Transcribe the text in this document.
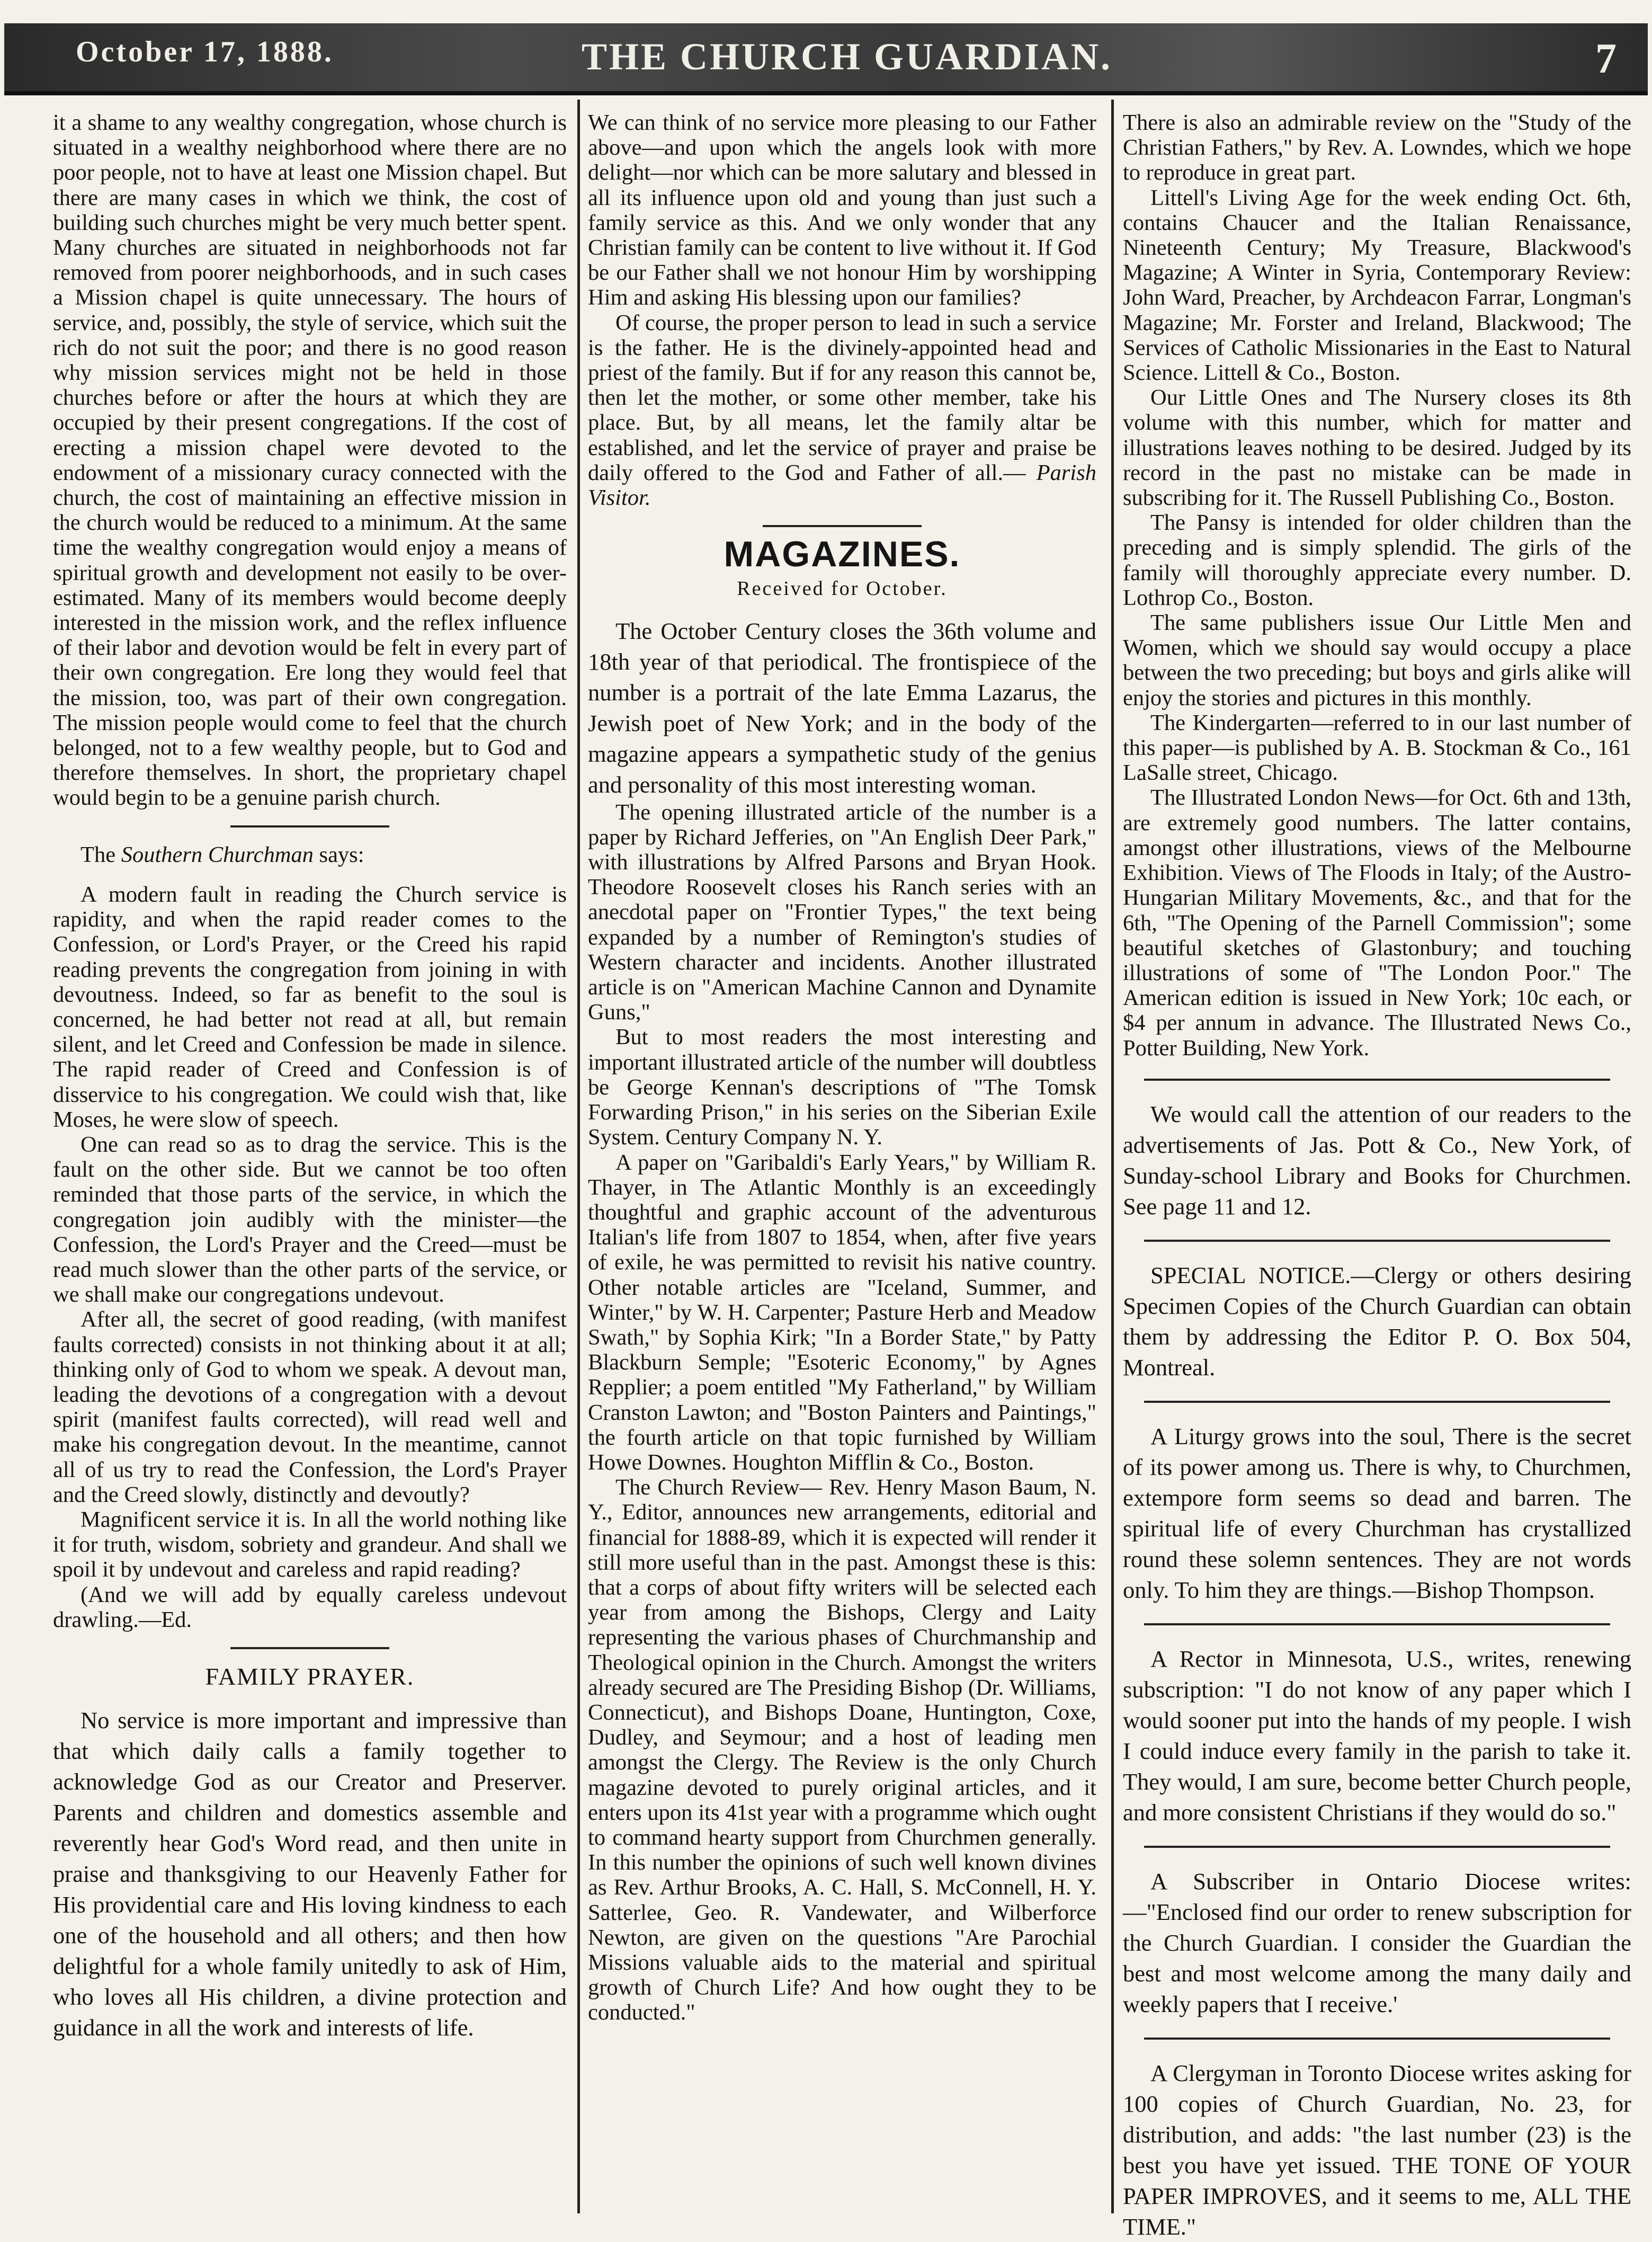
October 17, 1888.	THE CHURCH GUARDIAN.	7

it a shame to any wealthy congregation, whose church is situated in a wealthy neighborhood where there are no poor people, not to have at least one Mission chapel. But there are many cases in which we think, the cost of building such churches might be very much better spent. Many churches are situated in neighborhoods not far removed from poorer neighborhoods, and in such cases a Mission chapel is quite unnecessary. The hours of service, and, possibly, the style of service, which suit the rich do not suit the poor; and there is no good reason why mission services might not be held in those churches before or after the hours at which they are occupied by their present congregations. If the cost of erecting a mission chapel were devoted to the endowment of a missionary curacy connected with the church, the cost of maintaining an effective mission in the church would be reduced to a minimum. At the same time the wealthy congregation would enjoy a means of spiritual growth and development not easily to be over-estimated. Many of its members would become deeply interested in the mission work, and the reflex influence of their labor and devotion would be felt in every part of their own congregation. Ere long they would feel that the mission, too, was part of their own congregation. The mission people would come to feel that the church belonged, not to a few wealthy people, but to God and therefore themselves. In short, the proprietary chapel would begin to be a genuine parish church.

The Southern Churchman says:

A modern fault in reading the Church service is rapidity, and when the rapid reader comes to the Confession, or Lord's Prayer, or the Creed his rapid reading prevents the congregation from joining in with devoutness. Indeed, so far as benefit to the soul is concerned, he had better not read at all, but remain silent, and let Creed and Confession be made in silence. The rapid reader of Creed and Confession is of disservice to his congregation. We could wish that, like Moses, he were slow of speech.

One can read so as to drag the service. This is the fault on the other side. But we cannot be too often reminded that those parts of the service, in which the congregation join audibly with the minister—the Confession, the Lord's Prayer and the Creed—must be read much slower than the other parts of the service, or we shall make our congregations undevout.

After all, the secret of good reading, (with manifest faults corrected) consists in not thinking about it at all; thinking only of God to whom we speak. A devout man, leading the devotions of a congregation with a devout spirit (manifest faults corrected), will read well and make his congregation devout. In the meantime, cannot all of us try to read the Confession, the Lord's Prayer and the Creed slowly, distinctly and devoutly?

Magnificent service it is. In all the world nothing like it for truth, wisdom, sobriety and grandeur. And shall we spoil it by undevout and careless and rapid reading?

(And we will add by equally careless undevout drawling.—Ed.

FAMILY PRAYER.

No service is more important and impressive than that which daily calls a family together to acknowledge God as our Creator and Preserver. Parents and children and domestics assemble and reverently hear God's Word read, and then unite in praise and thanksgiving to our Heavenly Father for His providential care and His loving kindness to each one of the household and all others; and then how delightful for a whole family unitedly to ask of Him, who loves all His children, a divine protection and guidance in all the work and interests of life.

We can think of no service more pleasing to our Father above—and upon which the angels look with more delight—nor which can be more salutary and blessed in all its influence upon old and young than just such a family service as this. And we only wonder that any Christian family can be content to live without it. If God be our Father shall we not honour Him by worshipping Him and asking His blessing upon our families?

Of course, the proper person to lead in such a service is the father. He is the divinely-appointed head and priest of the family. But if for any reason this cannot be, then let the mother, or some other member, take his place. But, by all means, let the family altar be established, and let the service of prayer and praise be daily offered to the God and Father of all.— Parish Visitor.

MAGAZINES.
Received for October.

The October Century closes the 36th volume and 18th year of that periodical. The frontispiece of the number is a portrait of the late Emma Lazarus, the Jewish poet of New York; and in the body of the magazine appears a sympathetic study of the genius and personality of this most interesting woman.

The opening illustrated article of the number is a paper by Richard Jefferies, on "An English Deer Park," with illustrations by Alfred Parsons and Bryan Hook. Theodore Roosevelt closes his Ranch series with an anecdotal paper on "Frontier Types," the text being expanded by a number of Remington's studies of Western character and incidents. Another illustrated article is on "American Machine Cannon and Dynamite Guns,"

But to most readers the most interesting and important illustrated article of the number will doubtless be George Kennan's descriptions of "The Tomsk Forwarding Prison," in his series on the Siberian Exile System. Century Company N. Y.

A paper on "Garibaldi's Early Years," by William R. Thayer, in The Atlantic Monthly is an exceedingly thoughtful and graphic account of the adventurous Italian's life from 1807 to 1854, when, after five years of exile, he was permitted to revisit his native country. Other notable articles are "Iceland, Summer, and Winter," by W. H. Carpenter; Pasture Herb and Meadow Swath," by Sophia Kirk; "In a Border State," by Patty Blackburn Semple; "Esoteric Economy," by Agnes Repplier; a poem entitled "My Fatherland," by William Cranston Lawton; and "Boston Painters and Paintings," the fourth article on that topic furnished by William Howe Downes. Houghton Mifflin & Co., Boston.

The Church Review— Rev. Henry Mason Baum, N. Y., Editor, announces new arrangements, editorial and financial for 1888-89, which it is expected will render it still more useful than in the past. Amongst these is this: that a corps of about fifty writers will be selected each year from among the Bishops, Clergy and Laity representing the various phases of Churchmanship and Theological opinion in the Church. Amongst the writers already secured are The Presiding Bishop (Dr. Williams, Connecticut), and Bishops Doane, Huntington, Coxe, Dudley, and Seymour; and a host of leading men amongst the Clergy. The Review is the only Church magazine devoted to purely original articles, and it enters upon its 41st year with a programme which ought to command hearty support from Churchmen generally. In this number the opinions of such well known divines as Rev. Arthur Brooks, A. C. Hall, S. McConnell, H. Y. Satterlee, Geo. R. Vandewater, and Wilberforce Newton, are given on the questions "Are Parochial Missions valuable aids to the material and spiritual growth of Church Life? And how ought they to be conducted."

There is also an admirable review on the "Study of the Christian Fathers," by Rev. A. Lowndes, which we hope to reproduce in great part.

Littell's Living Age for the week ending Oct. 6th, contains Chaucer and the Italian Renaissance, Nineteenth Century; My Treasure, Blackwood's Magazine; A Winter in Syria, Contemporary Review: John Ward, Preacher, by Archdeacon Farrar, Longman's Magazine; Mr. Forster and Ireland, Blackwood; The Services of Catholic Missionaries in the East to Natural Science. Littell & Co., Boston.

Our Little Ones and The Nursery closes its 8th volume with this number, which for matter and illustrations leaves nothing to be desired. Judged by its record in the past no mistake can be made in subscribing for it. The Russell Publishing Co., Boston.

The Pansy is intended for older children than the preceding and is simply splendid. The girls of the family will thoroughly appreciate every number. D. Lothrop Co., Boston.

The same publishers issue Our Little Men and Women, which we should say would occupy a place between the two preceding; but boys and girls alike will enjoy the stories and pictures in this monthly.

The Kindergarten—referred to in our last number of this paper—is published by A. B. Stockman & Co., 161 LaSalle street, Chicago.

The Illustrated London News—for Oct. 6th and 13th, are extremely good numbers. The latter contains, amongst other illustrations, views of the Melbourne Exhibition. Views of The Floods in Italy; of the Austro-Hungarian Military Movements, &c., and that for the 6th, "The Opening of the Parnell Commission"; some beautiful sketches of Glastonbury; and touching illustrations of some of "The London Poor." The American edition is issued in New York; 10c each, or $4 per annum in advance. The Illustrated News Co., Potter Building, New York.

We would call the attention of our readers to the advertisements of Jas. Pott & Co., New York, of Sunday-school Library and Books for Churchmen. See page 11 and 12.

SPECIAL NOTICE.—Clergy or others desiring Specimen Copies of the Church Guardian can obtain them by addressing the Editor P. O. Box 504, Montreal.

A Liturgy grows into the soul, There is the secret of its power among us. There is why, to Churchmen, extempore form seems so dead and barren. The spiritual life of every Churchman has crystallized round these solemn sentences. They are not words only. To him they are things.—Bishop Thompson.

A Rector in Minnesota, U.S., writes, renewing subscription: "I do not know of any paper which I would sooner put into the hands of my people. I wish I could induce every family in the parish to take it. They would, I am sure, become better Church people, and more consistent Christians if they would do so."

A Subscriber in Ontario Diocese writes:—"Enclosed find our order to renew subscription for the Church Guardian. I consider the Guardian the best and most welcome among the many daily and weekly papers that I receive.'

A Clergyman in Toronto Diocese writes asking for 100 copies of Church Guardian, No. 23, for distribution, and adds: "the last number (23) is the best you have yet issued. THE TONE OF YOUR PAPER IMPROVES, and it seems to me, ALL THE TIME."
